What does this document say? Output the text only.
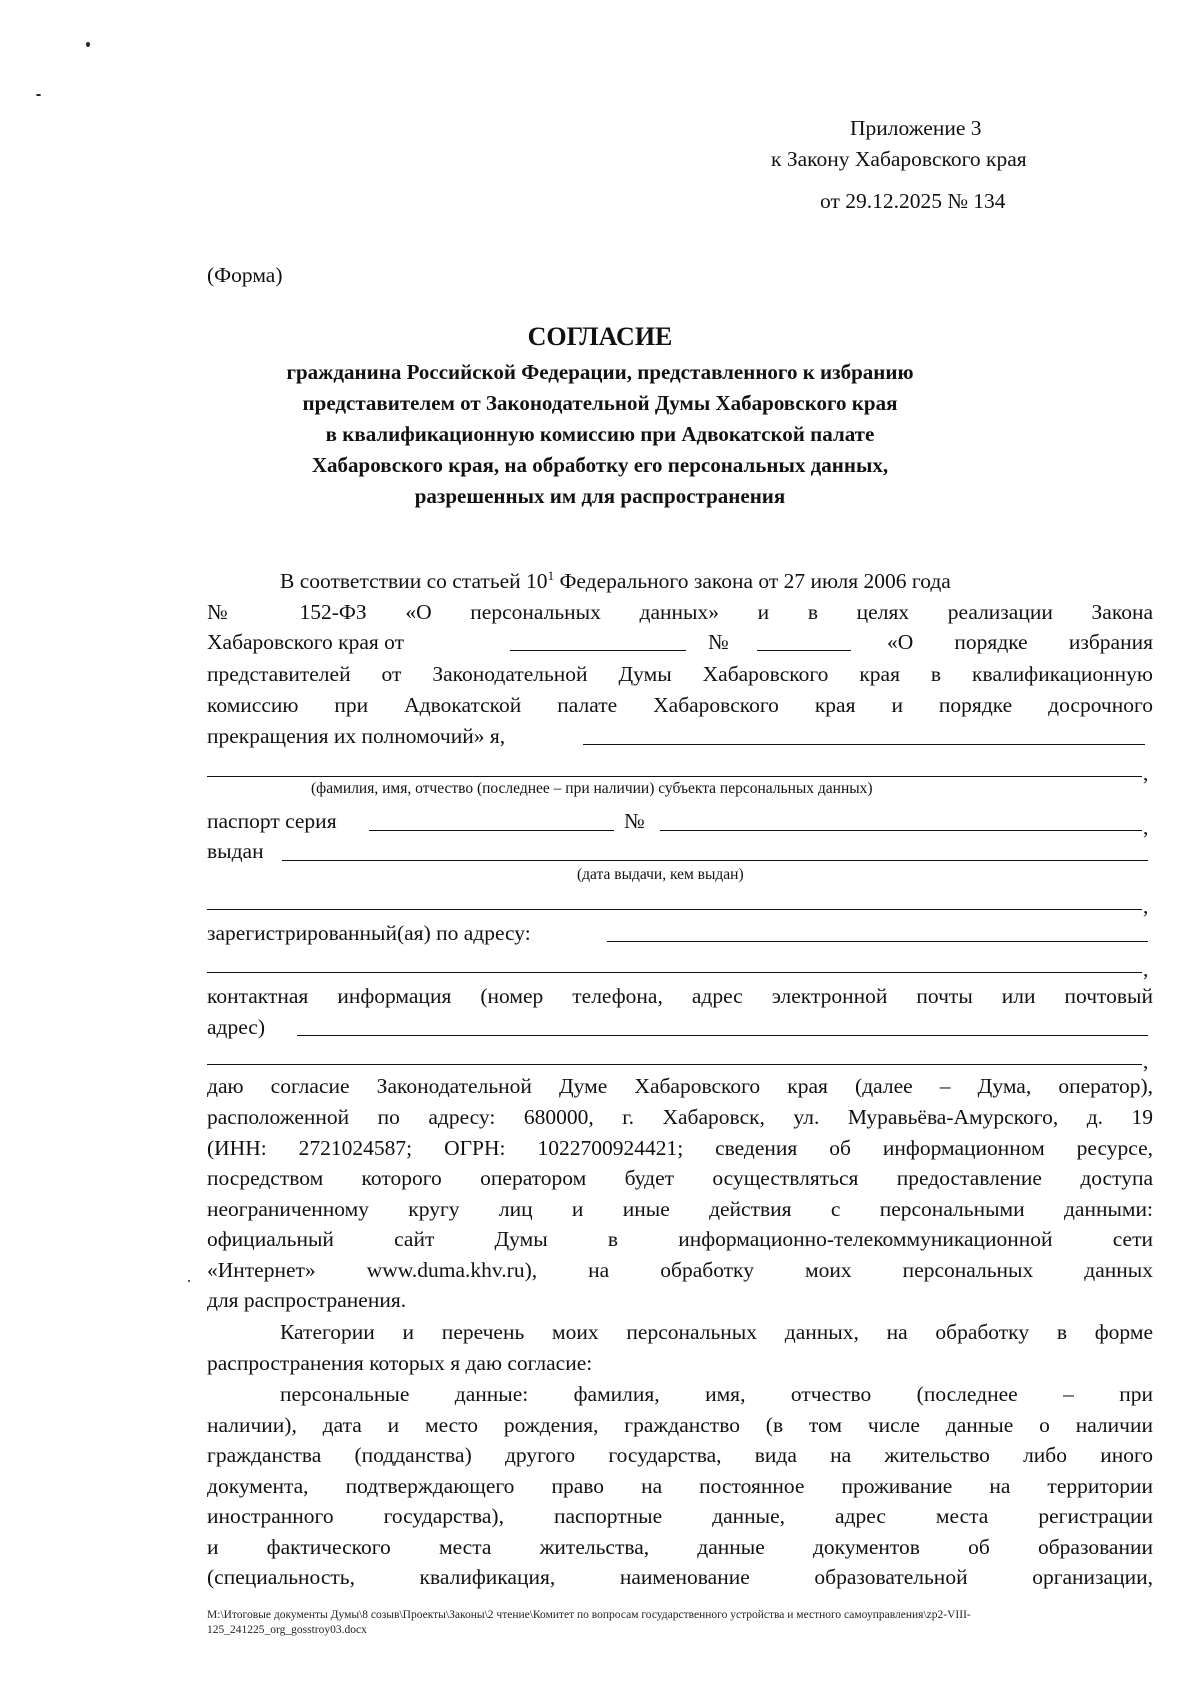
Приложение 3
к Закону Хабаровского края
от 29.12.2025 № 134
(Форма)
СОГЛАСИЕ
гражданина Российской Федерации, представленного к избранию
представителем от Законодательной Думы Хабаровского края
в квалификационную комиссию при Адвокатской палате
Хабаровского края, на обработку его персональных данных,
разрешенных им для распространения
В соответствии со статьей $10^1$ Федерального закона от 27 июля 2006 года
№ 152-ФЗ «О персональных данных» и в целях реализации Закона
Хабаровского края от	№	«О порядке избрания
представителей от Законодательной Думы Хабаровского края в квалификационную
комиссию при Адвокатской палате Хабаровского края и порядке досрочного
прекращения их полномочий» я,
,
(фамилия, имя, отчество (последнее – при наличии) субъекта персональных данных)
паспорт серия	№	,
выдан
(дата выдачи, кем выдан)
,
зарегистрированный(ая) по адресу:
,
контактная информация (номер телефона, адрес электронной почты или почтовый
адрес)
,
даю согласие Законодательной Думе Хабаровского края (далее – Дума, оператор),
расположенной по адресу: 680000, г. Хабаровск, ул. Муравьёва-Амурского, д. 19
(ИНН: 2721024587; ОГРН: 1022700924421; сведения об информационном ресурсе,
посредством которого оператором будет осуществляться предоставление доступа
неограниченному кругу лиц и иные действия с персональными данными:
официальный сайт Думы в информационно-телекоммуникационной сети
«Интернет» www.duma.khv.ru), на обработку моих персональных данных
для распространения.
Категории и перечень моих персональных данных, на обработку в форме
распространения которых я даю согласие:
персональные данные: фамилия, имя, отчество (последнее – при
наличии), дата и место рождения, гражданство (в том числе данные о наличии
гражданства (подданства) другого государства, вида на жительство либо иного
документа, подтверждающего право на постоянное проживание на территории
иностранного государства), паспортные данные, адрес места регистрации
и фактического места жительства, данные документов об образовании
(специальность, квалификация, наименование образовательной организации,
M:\Итоговые документы Думы\8 созыв\Проекты\Законы\2 чтение\Комитет по вопросам государственного устройства и местного самоуправления\zp2-VIII-
125_241225_org_gosstroy03.docx
